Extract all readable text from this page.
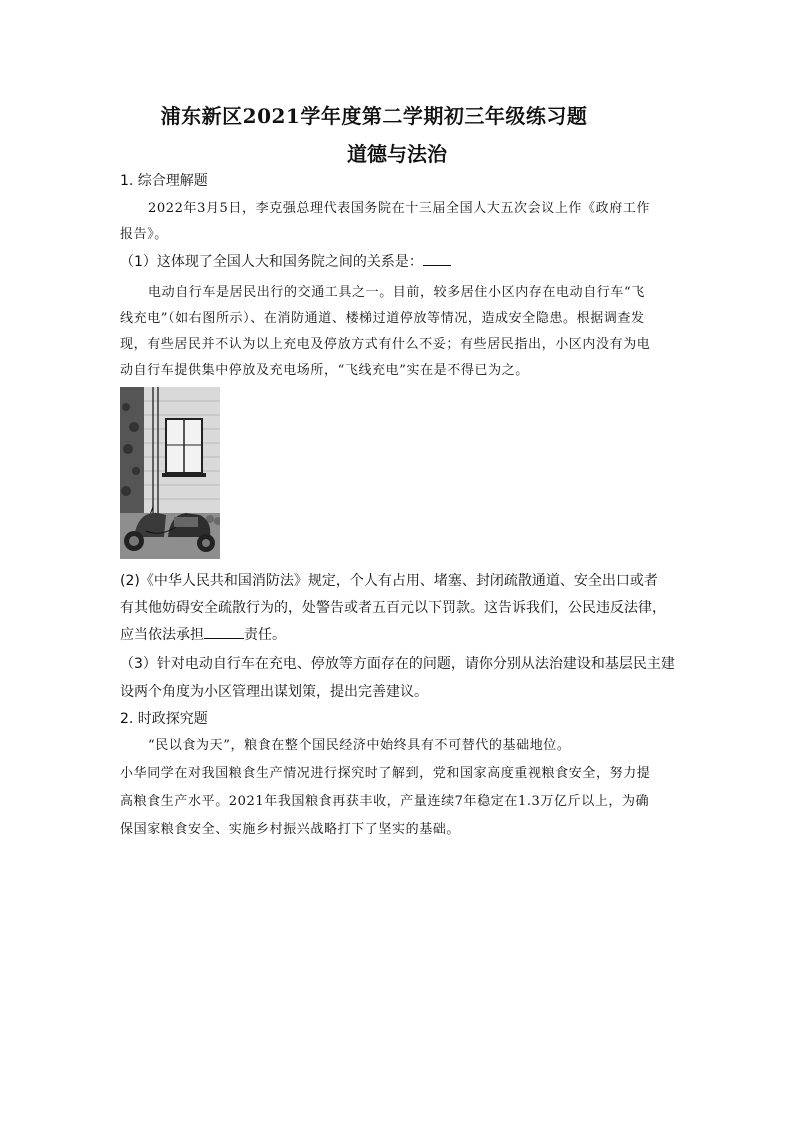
浦东新区2021学年度第二学期初三年级练习题
道德与法治
1. 综合理解题
2022年3月5日，李克强总理代表国务院在十三届全国人大五次会议上作《政府工作
报告》。
（1）这体现了全国人大和国务院之间的关系是：
电动自行车是居民出行的交通工具之一。目前，较多居住小区内存在电动自行车“飞
线充电”（如右图所示）、在消防通道、楼梯过道停放等情况，造成安全隐患。根据调查发
现，有些居民并不认为以上充电及停放方式有什么不妥；有些居民指出，小区内没有为电
动自行车提供集中停放及充电场所，“飞线充电”实在是不得已为之。
(2)《中华人民共和国消防法》规定，个人有占用、堵塞、封闭疏散通道、安全出口或者
有其他妨碍安全疏散行为的，处警告或者五百元以下罚款。这告诉我们，公民违反法律，
应当依法承担	责任。
（3）针对电动自行车在充电、停放等方面存在的问题，请你分别从法治建设和基层民主建
设两个角度为小区管理出谋划策，提出完善建议。
2. 时政探究题
“民以食为天”，粮食在整个国民经济中始终具有不可替代的基础地位。
小华同学在对我国粮食生产情况进行探究时了解到，党和国家高度重视粮食安全，努力提
高粮食生产水平。2021年我国粮食再获丰收，产量连续7年稳定在1.3万亿斤以上，为确
保国家粮食安全、实施乡村振兴战略打下了坚实的基础。
